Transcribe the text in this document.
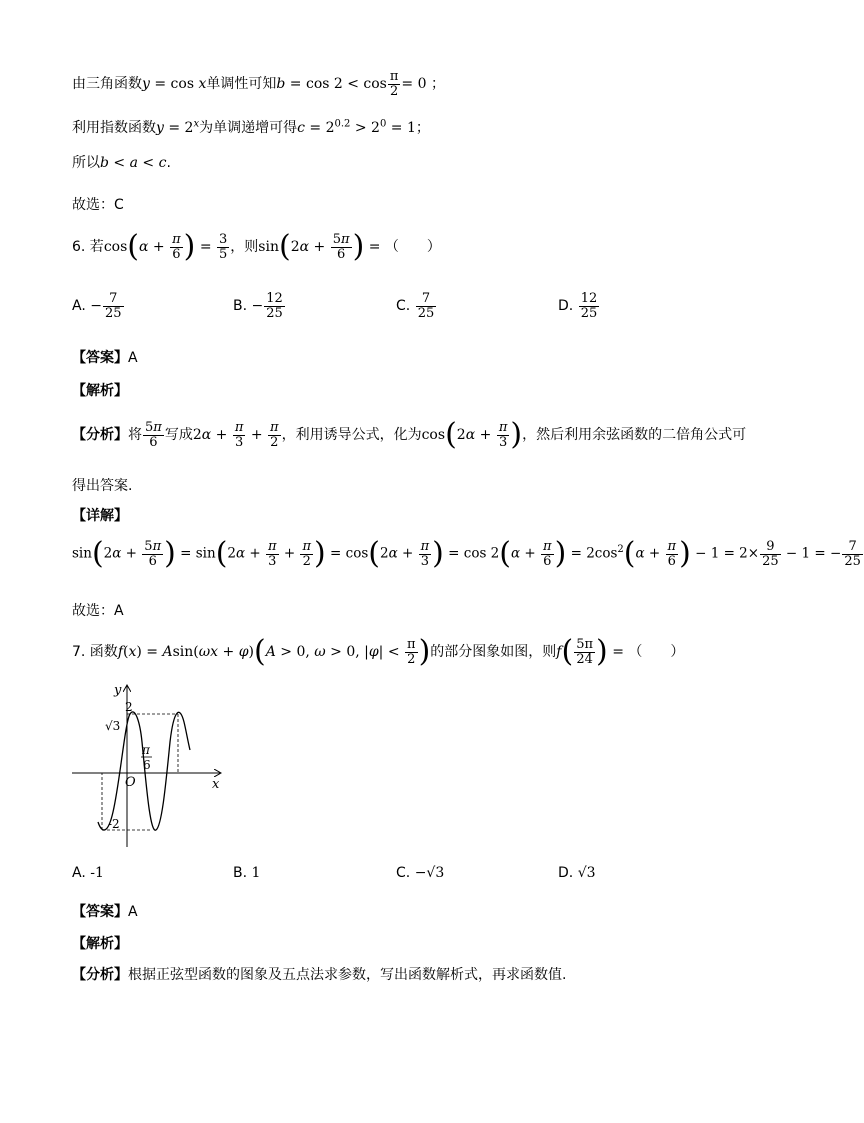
由三角函数y = cos x单调性可知$b = \cos 2 < \cos \frac{\pi}{2} = 0$ ；
利用指数函数$y = 2^x$为单调递增可得$c = 2^{0.2} > 2^0 = 1$；
所以b < a < c.
故选：C
6. 若$\cos(\alpha + \frac{\pi}{6}$ ) = $\frac{3}{5}$ ，则$\sin(2\alpha + \frac{5\pi}{6}$ ) = （　　）
A. − $\frac{7}{25}$	B. − $\frac{12}{25}$	C. $\frac{7}{25}$	D. $\frac{12}{25}$
【答案】A
【解析】
【分析】将 $\frac{5\pi}{6}$ 写成$2\alpha + \frac{\pi}{3} + \frac{\pi}{2}$ ，利用诱导公式，化为$\cos(2\alpha + \frac{\pi}{3}$ )，然后利用余弦函数的二倍角公式可
得出答案.
【详解】
$\sin(2\alpha + \frac{5\pi}{6}$ ) = $\sin(2\alpha + \frac{\pi}{3} + \frac{\pi}{2}$ ) = $\cos(2\alpha + \frac{\pi}{3}$ ) = $\cos 2(\alpha + \frac{\pi}{6}$ ) = $2\cos^2(\alpha + \frac{\pi}{6}$ ) − $1 = 2\times \frac{9}{25} - 1$ = − $\frac{7}{25}$
故选：A
7. 函数f(x) = Asin(ωx + φ)(A > 0, ω > 0, $|\varphi| < \frac{\pi}{2}$ )的部分图象如图，则$f( \frac{5\pi}{24}$ ) = （　　）
y
x
O
2
-2
√3
π
6
A. -1	B. 1	C. −√3	D. √3
【答案】A
【解析】
【分析】根据正弦型函数的图象及五点法求参数，写出函数解析式，再求函数值.
